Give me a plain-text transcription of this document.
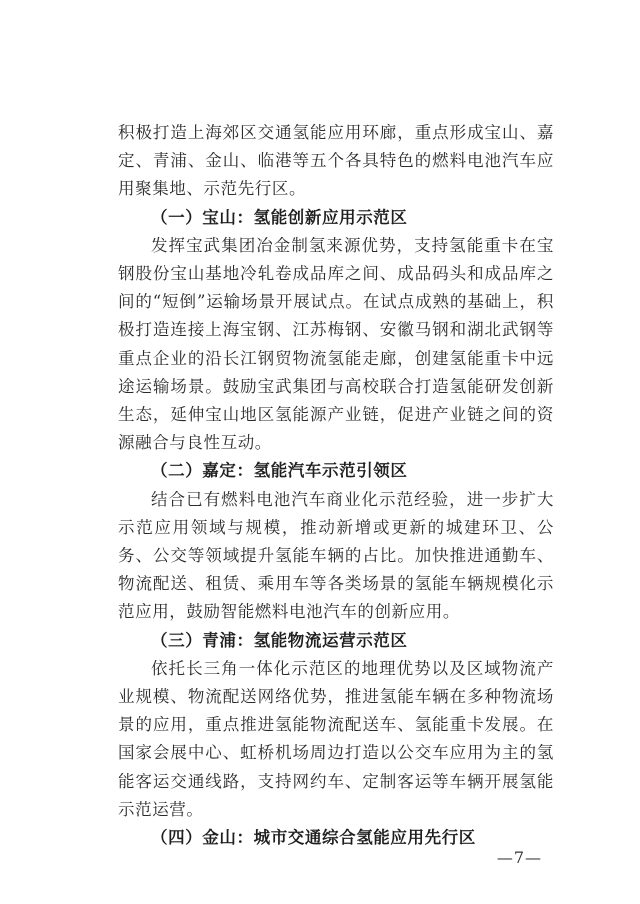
积极打造上海郊区交通氢能应用环廊，重点形成宝山、嘉定、青浦、金山、临港等五个各具特色的燃料电池汽车应用聚集地、示范先行区。

（一）宝山：氢能创新应用示范区

发挥宝武集团冶金制氢来源优势，支持氢能重卡在宝钢股份宝山基地冷轧卷成品库之间、成品码头和成品库之间的“短倒”运输场景开展试点。在试点成熟的基础上，积极打造连接上海宝钢、江苏梅钢、安徽马钢和湖北武钢等重点企业的沿长江钢贸物流氢能走廊，创建氢能重卡中远途运输场景。鼓励宝武集团与高校联合打造氢能研发创新生态，延伸宝山地区氢能源产业链，促进产业链之间的资源融合与良性互动。

（二）嘉定：氢能汽车示范引领区

结合已有燃料电池汽车商业化示范经验，进一步扩大示范应用领域与规模，推动新增或更新的城建环卫、公务、公交等领域提升氢能车辆的占比。加快推进通勤车、物流配送、租赁、乘用车等各类场景的氢能车辆规模化示范应用，鼓励智能燃料电池汽车的创新应用。

（三）青浦：氢能物流运营示范区

依托长三角一体化示范区的地理优势以及区域物流产业规模、物流配送网络优势，推进氢能车辆在多种物流场景的应用，重点推进氢能物流配送车、氢能重卡发展。在国家会展中心、虹桥机场周边打造以公交车应用为主的氢能客运交通线路，支持网约车、定制客运等车辆开展氢能示范运营。

（四）金山：城市交通综合氢能应用先行区
—7—
